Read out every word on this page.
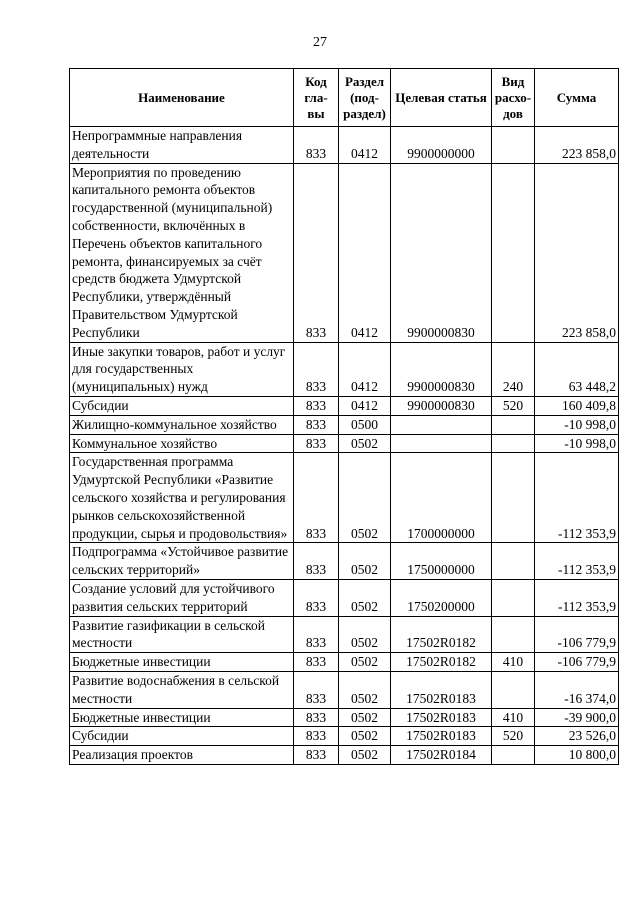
27
Наименование	Код гла-вы	Раздел (под-раздел)	Целевая статья	Вид расхо-дов	Сумма
Непрограммные направления деятельности	833	0412	9900000000		223 858,0
Мероприятия по проведению капитального ремонта объектов государственной (муниципальной) собственности, включённых в Перечень объектов капитального ремонта, финансируемых за счёт средств бюджета Удмуртской Республики, утверждённый Правительством Удмуртской Республики	833	0412	9900000830		223 858,0
Иные закупки товаров, работ и услуг для государственных (муниципальных) нужд	833	0412	9900000830	240	63 448,2
Субсидии	833	0412	9900000830	520	160 409,8
Жилищно-коммунальное хозяйство	833	0500			-10 998,0
Коммунальное хозяйство	833	0502			-10 998,0
Государственная программа Удмуртской Республики «Развитие сельского хозяйства и регулирования рынков сельскохозяйственной продукции, сырья и продовольствия»	833	0502	1700000000		-112 353,9
Подпрограмма «Устойчивое развитие сельских территорий»	833	0502	1750000000		-112 353,9
Создание условий для устойчивого развития сельских территорий	833	0502	1750200000		-112 353,9
Развитие газификации в сельской местности	833	0502	17502R0182		-106 779,9
Бюджетные инвестиции	833	0502	17502R0182	410	-106 779,9
Развитие водоснабжения в сельской местности	833	0502	17502R0183		-16 374,0
Бюджетные инвестиции	833	0502	17502R0183	410	-39 900,0
Субсидии	833	0502	17502R0183	520	23 526,0
Реализация проектов	833	0502	17502R0184		10 800,0
